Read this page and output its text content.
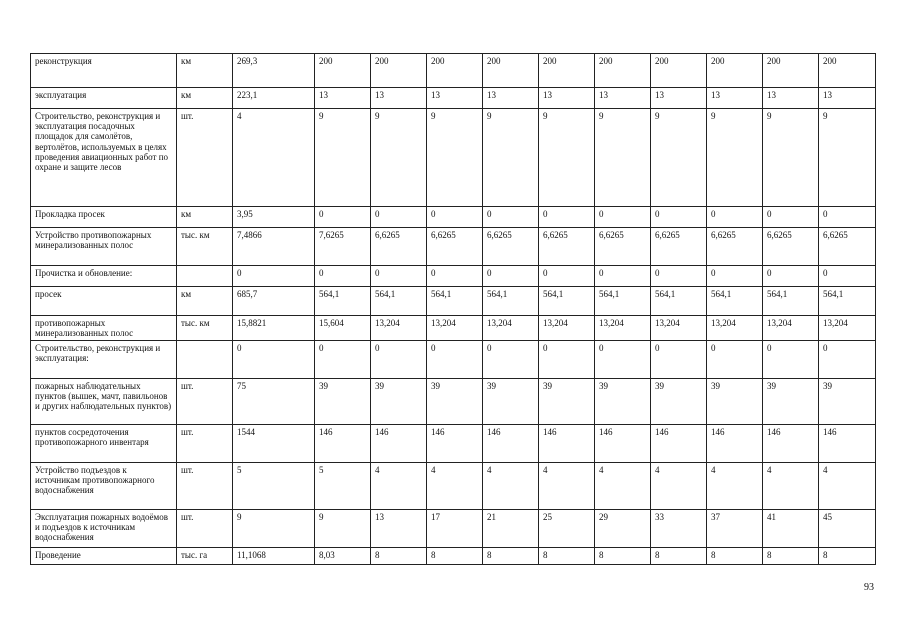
реконструкция	км	269,3	200	200	200	200	200	200	200	200	200	200
эксплуатация	км	223,1	13	13	13	13	13	13	13	13	13	13
Строительство, реконструкция и эксплуатация посадочных площадок для самолётов, вертолётов, используемых в целях проведения авиационных работ по охране и защите лесов	шт.	4	9	9	9	9	9	9	9	9	9	9
Прокладка просек	км	3,95	0	0	0	0	0	0	0	0	0	0
Устройство противопожарных минерализованных полос	тыс. км	7,4866	7,6265	6,6265	6,6265	6,6265	6,6265	6,6265	6,6265	6,6265	6,6265	6,6265
Прочистка и обновление:		0	0	0	0	0	0	0	0	0	0	0
просек	км	685,7	564,1	564,1	564,1	564,1	564,1	564,1	564,1	564,1	564,1	564,1
противопожарных минерализованных полос	тыс. км	15,8821	15,604	13,204	13,204	13,204	13,204	13,204	13,204	13,204	13,204	13,204
Строительство, реконструкция и эксплуатация:		0	0	0	0	0	0	0	0	0	0	0
пожарных наблюдательных пунктов (вышек, мачт, павильонов и других наблюдательных пунктов)	шт.	75	39	39	39	39	39	39	39	39	39	39
пунктов сосредоточения противопожарного инвентаря	шт.	1544	146	146	146	146	146	146	146	146	146	146
Устройство подъездов к источникам противопожарного водоснабжения	шт.	5	5	4	4	4	4	4	4	4	4	4
Эксплуатация пожарных водоёмов и подъездов к источникам водоснабжения	шт.	9	9	13	17	21	25	29	33	37	41	45
Проведение	тыс. га	11,1068	8,03	8	8	8	8	8	8	8	8	8
93
